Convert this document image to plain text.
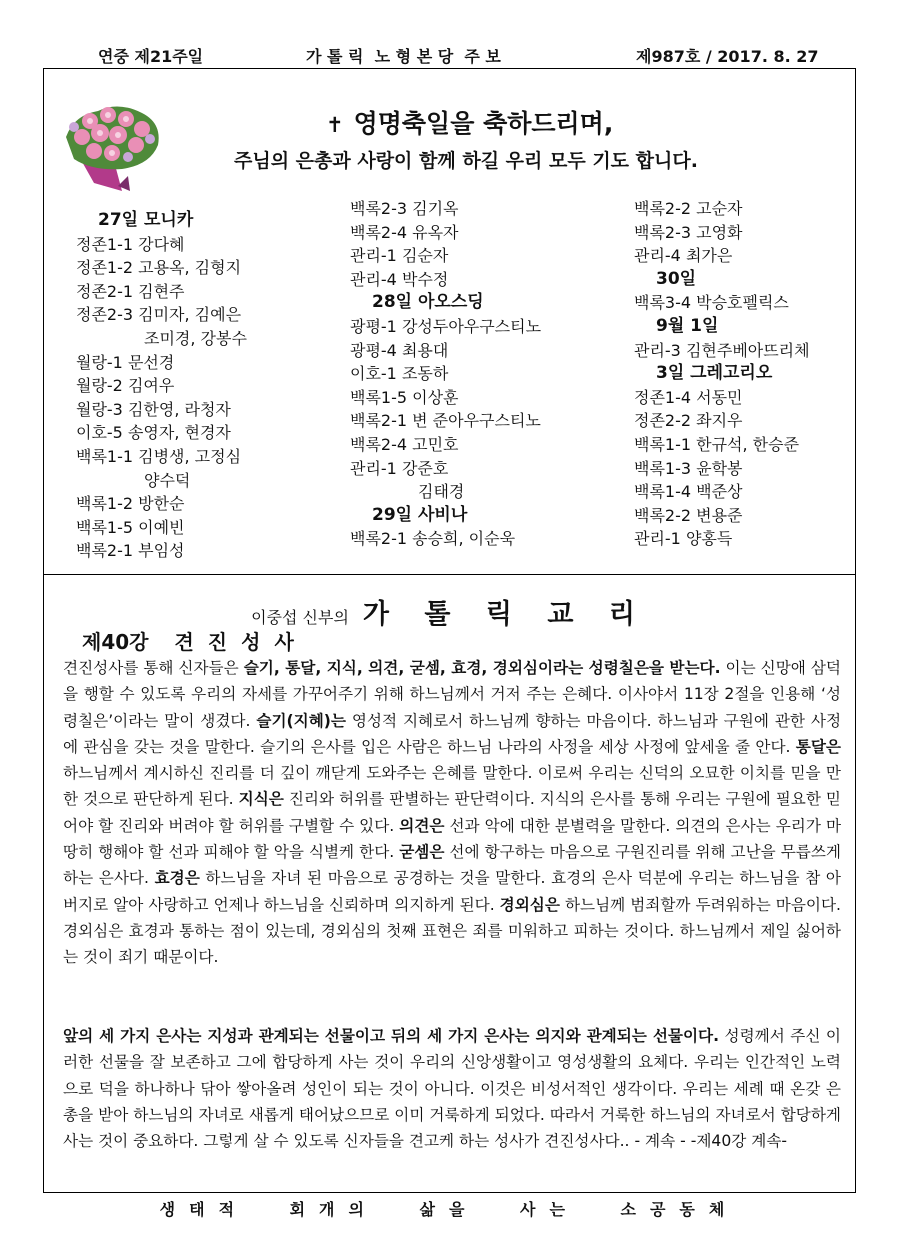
연중 제21주일	가 톨 릭  노 형 본 당  주 보	제987호 / 2017. 8. 27
✝ 영명축일을 축하드리며,
주님의 은총과 사랑이 함께 하길 우리 모두 기도 합니다.
27일 모니카
정존1-1 강다혜
정존1-2 고용옥, 김형지
정존2-1 김현주
정존2-3 김미자, 김예은
조미경, 강봉수
월랑-1 문선경
월랑-2 김여우
월랑-3 김한영, 라청자
이호-5 송영자, 현경자
백록1-1 김병생, 고정심
양수덕
백록1-2 방한순
백록1-5 이예빈
백록2-1 부임성
백록2-3 김기옥
백록2-4 유옥자
관리-1 김순자
관리-4 박수정
28일 아오스딩
광평-1 강성두아우구스티노
광평-4 최용대
이호-1 조동하
백록1-5 이상훈
백록2-1 변 준아우구스티노
백록2-4 고민호
관리-1 강준호
김태경
29일 사비나
백록2-1 송승희, 이순욱
백록2-2 고순자
백록2-3 고영화
관리-4 최가은
30일
백록3-4 박승호펠릭스
9월 1일
관리-3 김현주베아뜨리체
3일 그레고리오
정존1-4 서동민
정존2-2 좌지우
백록1-1 한규석, 한승준
백록1-3 윤학봉
백록1-4 백준상
백록2-2 변용준
관리-1 양홍득
이중섭 신부의 가 톨 릭 교 리
제40강 견진성사
견진성사를 통해 신자들은 슬기, 통달, 지식, 의견, 굳셈, 효경, 경외심이라는 성령칠은을 받는다. 이는 신망애 삼덕을 행할 수 있도록 우리의 자세를 가꾸어주기 위해 하느님께서 거저 주는 은혜다. 이사야서 11장 2절을 인용해 ‘성령칠은’이라는 말이 생겼다. 슬기(지혜)는 영성적 지혜로서 하느님께 향하는 마음이다. 하느님과 구원에 관한 사정에 관심을 갖는 것을 말한다. 슬기의 은사를 입은 사람은 하느님 나라의 사정을 세상 사정에 앞세울 줄 안다. 통달은 하느님께서 계시하신 진리를 더 깊이 깨닫게 도와주는 은혜를 말한다. 이로써 우리는 신덕의 오묘한 이치를 믿을 만한 것으로 판단하게 된다. 지식은 진리와 허위를 판별하는 판단력이다. 지식의 은사를 통해 우리는 구원에 필요한 믿어야 할 진리와 버려야 할 허위를 구별할 수 있다. 의견은 선과 악에 대한 분별력을 말한다. 의견의 은사는 우리가 마땅히 행해야 할 선과 피해야 할 악을 식별케 한다. 굳셈은 선에 항구하는 마음으로 구원진리를 위해 고난을 무릅쓰게 하는 은사다. 효경은 하느님을 자녀 된 마음으로 공경하는 것을 말한다. 효경의 은사 덕분에 우리는 하느님을 참 아버지로 알아 사랑하고 언제나 하느님을 신뢰하며 의지하게 된다. 경외심은 하느님께 범죄할까 두려워하는 마음이다. 경외심은 효경과 통하는 점이 있는데, 경외심의 첫째 표현은 죄를 미워하고 피하는 것이다. 하느님께서 제일 싫어하는 것이 죄기 때문이다.
앞의 세 가지 은사는 지성과 관계되는 선물이고 뒤의 세 가지 은사는 의지와 관계되는 선물이다. 성령께서 주신 이러한 선물을 잘 보존하고 그에 합당하게 사는 것이 우리의 신앙생활이고 영성생활의 요체다. 우리는 인간적인 노력으로 덕을 하나하나 닦아 쌓아올려 성인이 되는 것이 아니다. 이것은 비성서적인 생각이다. 우리는 세례 때 온갖 은총을 받아 하느님의 자녀로 새롭게 태어났으므로 이미 거룩하게 되었다. 따라서 거룩한 하느님의 자녀로서 합당하게 사는 것이 중요하다. 그렇게 살 수 있도록 신자들을 견고케 하는 성사가 견진성사다.. - 계속 - -제40강 계속-
생태적 회개의 삶을 사는 소공동체
